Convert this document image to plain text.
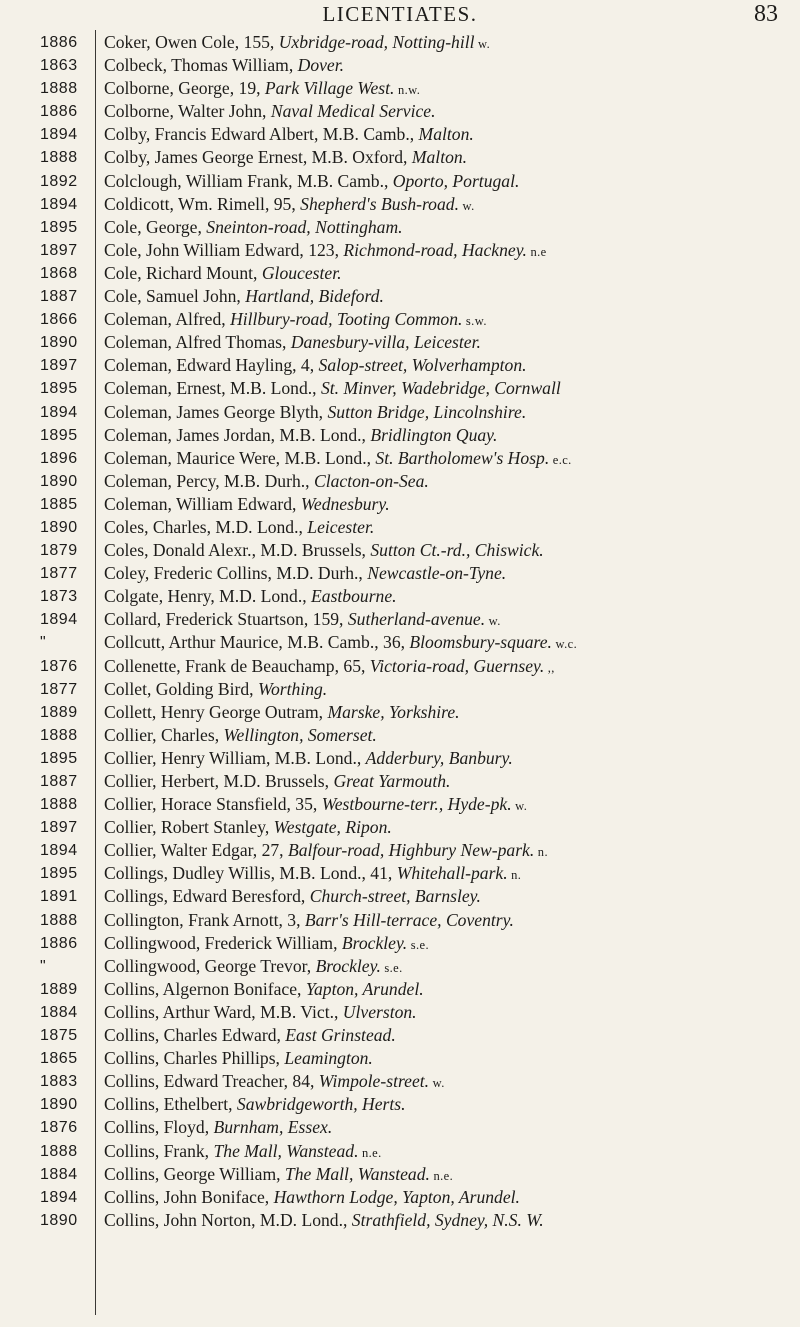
LICENTIATES.	83
1886	Coker, Owen Cole, 155, Uxbridge-road, Notting-hill w.
1863	Colbeck, Thomas William, Dover.
1888	Colborne, George, 19, Park Village West. n.w.
1886	Colborne, Walter John, Naval Medical Service.
1894	Colby, Francis Edward Albert, M.B. Camb., Malton.
1888	Colby, James George Ernest, M.B. Oxford, Malton.
1892	Colclough, William Frank, M.B. Camb., Oporto, Portugal.
1894	Coldicott, Wm. Rimell, 95, Shepherd's Bush-road. w.
1895	Cole, George, Sneinton-road, Nottingham.
1897	Cole, John William Edward, 123, Richmond-road, Hackney. n.e
1868	Cole, Richard Mount, Gloucester.
1887	Cole, Samuel John, Hartland, Bideford.
1866	Coleman, Alfred, Hillbury-road, Tooting Common. s.w.
1890	Coleman, Alfred Thomas, Danesbury-villa, Leicester.
1897	Coleman, Edward Hayling, 4, Salop-street, Wolverhampton.
1895	Coleman, Ernest, M.B. Lond., St. Minver, Wadebridge, Cornwall
1894	Coleman, James George Blyth, Sutton Bridge, Lincolnshire.
1895	Coleman, James Jordan, M.B. Lond., Bridlington Quay.
1896	Coleman, Maurice Were, M.B. Lond., St. Bartholomew's Hosp. e.c.
1890	Coleman, Percy, M.B. Durh., Clacton-on-Sea.
1885	Coleman, William Edward, Wednesbury.
1890	Coles, Charles, M.D. Lond., Leicester.
1879	Coles, Donald Alexr., M.D. Brussels, Sutton Ct.-rd., Chiswick.
1877	Coley, Frederic Collins, M.D. Durh., Newcastle-on-Tyne.
1873	Colgate, Henry, M.D. Lond., Eastbourne.
1894	Collard, Frederick Stuartson, 159, Sutherland-avenue. w.
"	Collcutt, Arthur Maurice, M.B. Camb., 36, Bloomsbury-square. w.c.
1876	Collenette, Frank de Beauchamp, 65, Victoria-road, Guernsey. ,,
1877	Collet, Golding Bird, Worthing.
1889	Collett, Henry George Outram, Marske, Yorkshire.
1888	Collier, Charles, Wellington, Somerset.
1895	Collier, Henry William, M.B. Lond., Adderbury, Banbury.
1887	Collier, Herbert, M.D. Brussels, Great Yarmouth.
1888	Collier, Horace Stansfield, 35, Westbourne-terr., Hyde-pk. w.
1897	Collier, Robert Stanley, Westgate, Ripon.
1894	Collier, Walter Edgar, 27, Balfour-road, Highbury New-park. n.
1895	Collings, Dudley Willis, M.B. Lond., 41, Whitehall-park. n.
1891	Collings, Edward Beresford, Church-street, Barnsley.
1888	Collington, Frank Arnott, 3, Barr's Hill-terrace, Coventry.
1886	Collingwood, Frederick William, Brockley. s.e.
"	Collingwood, George Trevor, Brockley. s.e.
1889	Collins, Algernon Boniface, Yapton, Arundel.
1884	Collins, Arthur Ward, M.B. Vict., Ulverston.
1875	Collins, Charles Edward, East Grinstead.
1865	Collins, Charles Phillips, Leamington.
1883	Collins, Edward Treacher, 84, Wimpole-street. w.
1890	Collins, Ethelbert, Sawbridgeworth, Herts.
1876	Collins, Floyd, Burnham, Essex.
1888	Collins, Frank, The Mall, Wanstead. n.e.
1884	Collins, George William, The Mall, Wanstead. n.e.
1894	Collins, John Boniface, Hawthorn Lodge, Yapton, Arundel.
1890	Collins, John Norton, M.D. Lond., Strathfield, Sydney, N.S. W.
